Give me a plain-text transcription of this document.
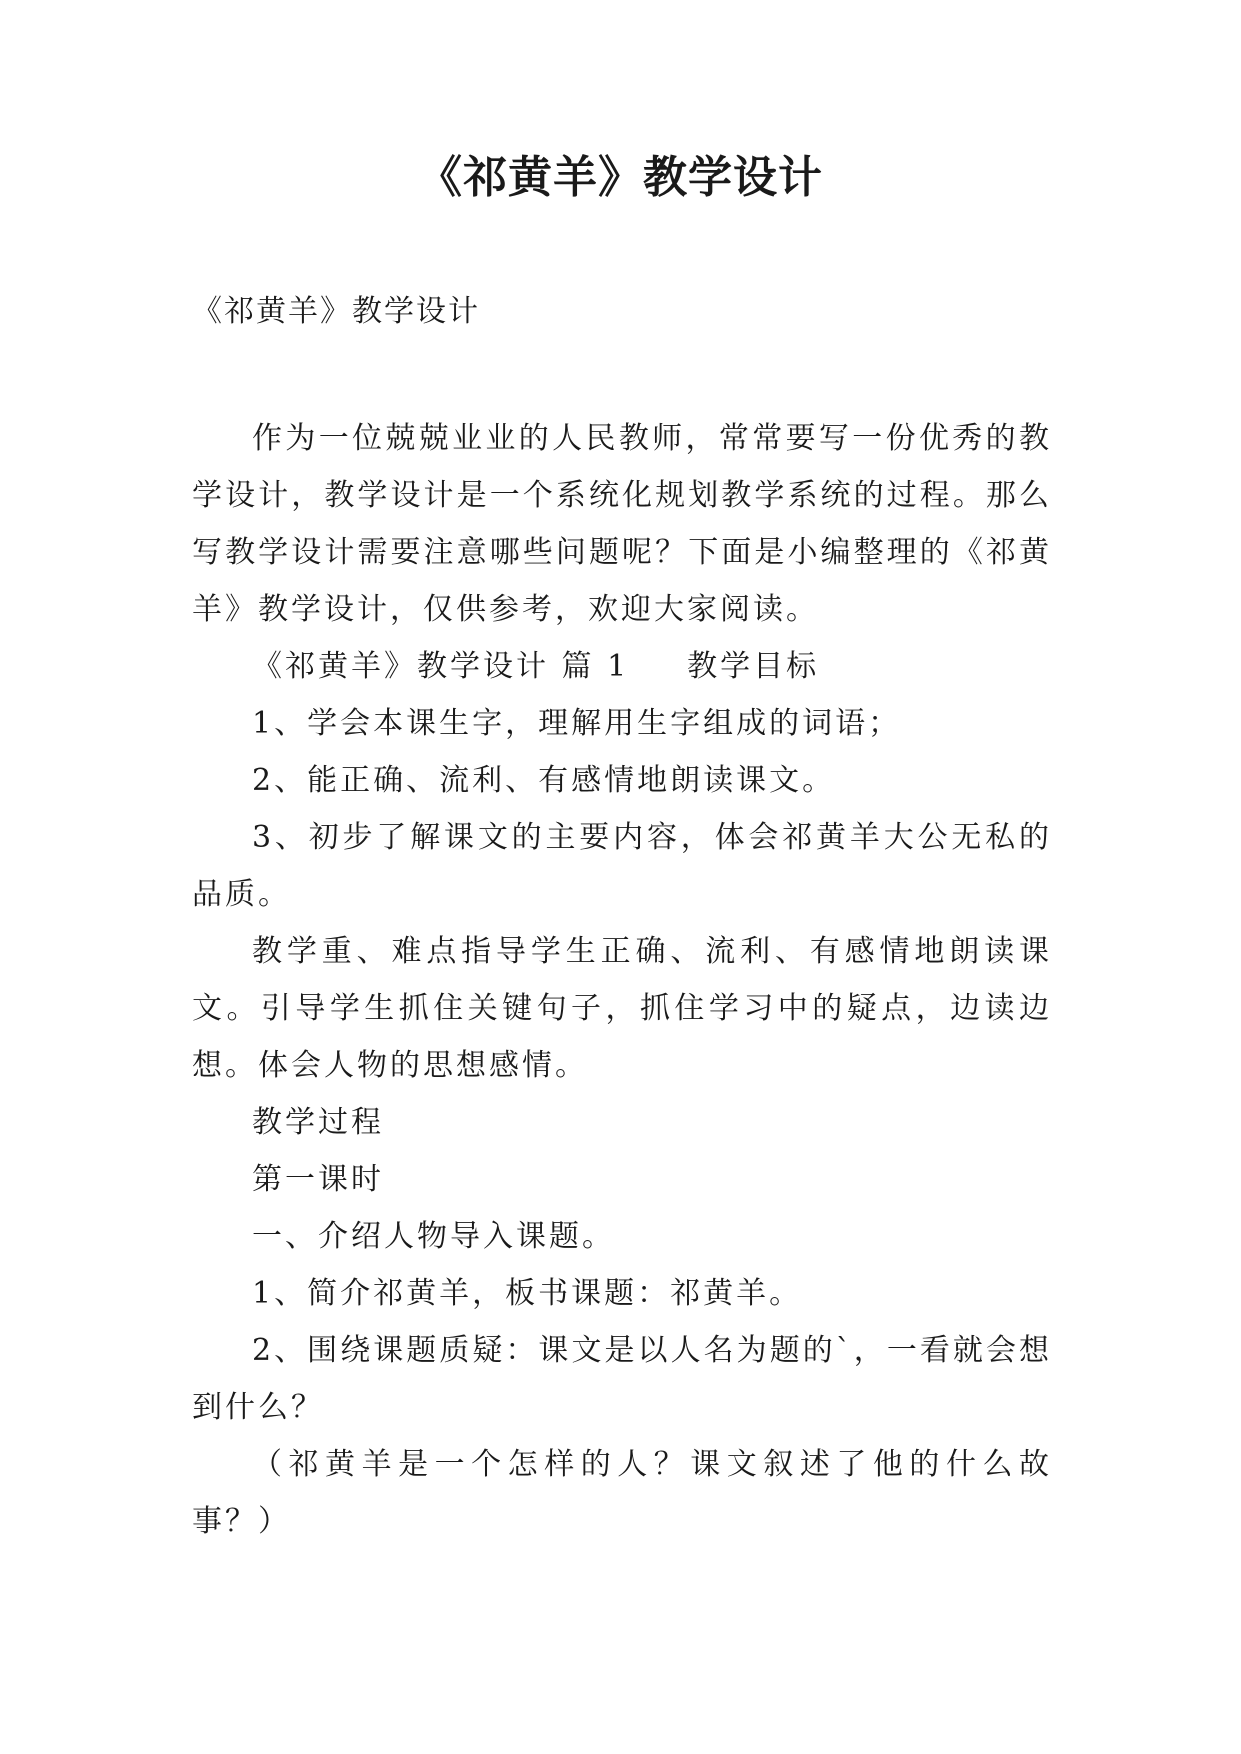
《祁黄羊》教学设计
《祁黄羊》教学设计

作为一位兢兢业业的人民教师，常常要写一份优秀的教学设计，教学设计是一个系统化规划教学系统的过程。那么写教学设计需要注意哪些问题呢？下面是小编整理的《祁黄羊》教学设计，仅供参考，欢迎大家阅读。

《祁黄羊》教学设计 篇 1 教学目标

1、学会本课生字，理解用生字组成的词语；

2、能正确、流利、有感情地朗读课文。

3、初步了解课文的主要内容，体会祁黄羊大公无私的品质。

教学重、难点指导学生正确、流利、有感情地朗读课文。引导学生抓住关键句子，抓住学习中的疑点，边读边想。体会人物的思想感情。

教学过程

第一课时

一、介绍人物导入课题。

1、简介祁黄羊，板书课题：祁黄羊。

2、围绕课题质疑：课文是以人名为题的`，一看就会想到什么？

（祁黄羊是一个怎样的人？课文叙述了他的什么故事？）
